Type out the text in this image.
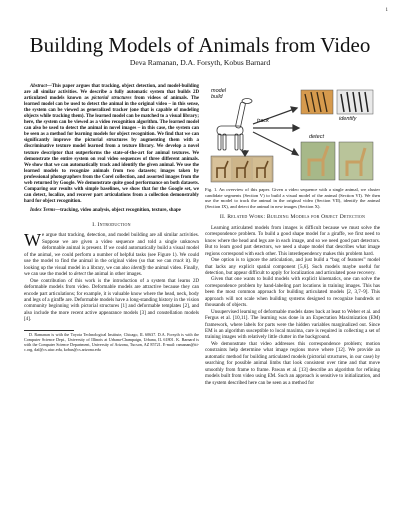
1
Building Models of Animals from Video
Deva Ramanan, D.A. Forsyth, Kobus Barnard

Abstract—This paper argues that tracking, object detection, and model-building are all similar activities. We describe a fully automatic system that builds 2D articulated models known as pictorial structures from videos of animals. The learned model can be used to detect the animal in the original video – in this sense, the system can be viewed as generalized tracker (one that is capable of modeling objects while tracking them). The learned model can be matched to a visual library; here, the system can be viewed as a video recognition algorithm. The learned model can also be used to detect the animal in novel images – in this case, the system can be seen as a method for learning models for object recognition. We find that we can significantly improve the pictorial structures by augmenting them with a discriminative texture model learned from a texture library. We develop a novel texture descriptor that outperforms the state-of-the-art for animal textures. We demonstrate the entire system on real video sequences of three different animals. We show that we can automatically track and identify the given animal. We use the learned models to recognize animals from two datasets; images taken by professional photographers from the Corel collection, and assorted images from the web returned by Google. We demonstrate quite good performance on both datasets. Comparing our results with simple baselines, we show that for the Google set, we can detect, localize, and recover part articulations from a collection demonstrably hard for object recognition.

Index Terms—tracking, video analysis, object recognition, texture, shape

I. Introduction

We argue that tracking, detection, and model building are all similar activities. Suppose we are given a video sequence and told a single unknown deformable animal is present. If we could automatically build a visual model of the animal, we could perform a number of helpful tasks (see Figure 1). We could use the model to find the animal in the original video (so that we can track it). By looking up the visual model in a library, we can also identify the animal video. Finally, we can use the model to detect the animal in other images.

One contribution of this work is the introduction of a system that learns 2D deformable models from video. Deformable models are attractive because they can encode part articulations; for example, it is valuable know where the head, neck, body and legs of a giraffe are. Deformable models have a long-standing history in the vision community beginning with pictorial structures [1] and deformable templates [2], and also include the more recent active appearance models [3] and constellation models [4].

D. Ramanan is with the Toyota Technological Institute, Chicago, IL 60637. D.A. Forsyth is with the Computer Science Dept., University of Illinois at Urbana-Champaign, Urbana, IL 61801. K. Barnard is with the Computer Science Department, University of Arizona, Tucson, AZ 85721. E-mail: ramanan@tti-c.org, daf@cs.uiuc.edu, kobus@cs.arizona.edu

model
build
identify
track
detect

Fig. 1. An overview of this paper. Given a video sequence with a single animal, we cluster candidate segments (Section V) to build a visual model of the animal (Section VI). We then use the model to track the animal in the original video (Section VII), identify the animal (Section IX), and detect the animal in new images (Section X).

II. Related Work: Building Models for Object Detection

Learning articulated models from images is difficult because we must solve the correspondence problem. To build a good shape model for a giraffe, we first need to know where the head and legs are in each image, and so we need good part detectors. But to learn good part detectors, we need a shape model that describes what image regions correspond with each other. This interdependency makes this problem hard.

One option is to ignore the articulation, and just build a “bag of features” model that lacks any explicit spatial component [5,6]. Such models maybe useful for detection, but appear difficult to apply for localization and articulated pose recovery.

Given that one wants to build models with explicit kinematics, one can solve the correspondence problem by hand-labeling part locations in training images. This has been the most common approach for building articulated models [2, 3,7–9]. This approach will not scale when building systems designed to recognize hundreds or thousands of objects.

Unsupervised learning of deformable models dates back at least to Weber et al. and Fergus et al. [10,11]. The learning was done in an Expectation Maximization (EM) framework, where labels for parts were the hidden variables marginalized out. Since EM is an algorithm susceptible to local maxima, care is required in collecting a set of training images with relatively little clutter in the background.

We demonstrate that video addresses this correspondence problem; motion constraints help determine what image regions move where [12]. We provide an automatic method for building articulated models (pictorial structures, in our case) by searching for possible animal limbs that look consistent over time and that move smoothly from frame to frame. Pawan et al. [13] describe an algorithm for refining models built from video using EM. Such an approach is sensitive to initialization, and the system described here can be seen as a method for
